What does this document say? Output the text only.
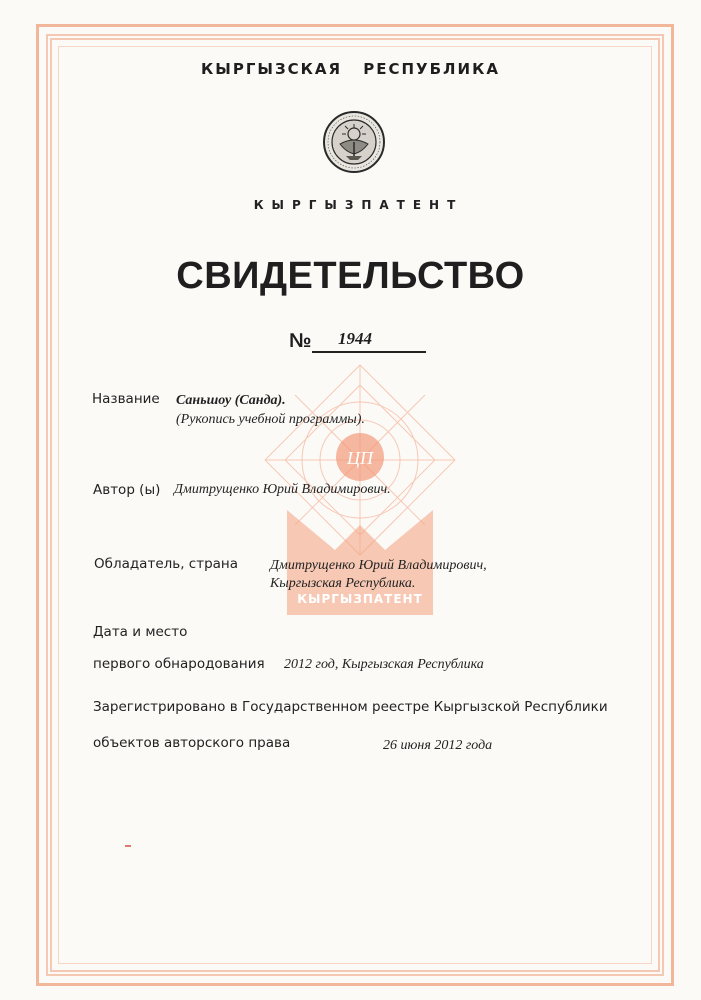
КЫРГЫЗСКАЯ РЕСПУБЛИКА
КЫРГЫЗПАТЕНТ
СВИДЕТЕЛЬСТВО
№	1944
ЦП
КЫРГЫЗПАТЕНТ
Название Саньшоу (Санда).
(Рукопись учебной программы).
Автор (ы) Дмитрущенко Юрий Владимирович.
Обладатель, страна Дмитрущенко Юрий Владимирович,
Кыргызская Республика.
Дата и место
первого обнародования 2012 год, Кыргызская Республика
Зарегистрировано в Государственном реестре Кыргызской Республики
объектов авторского права	26 июня 2012 года
